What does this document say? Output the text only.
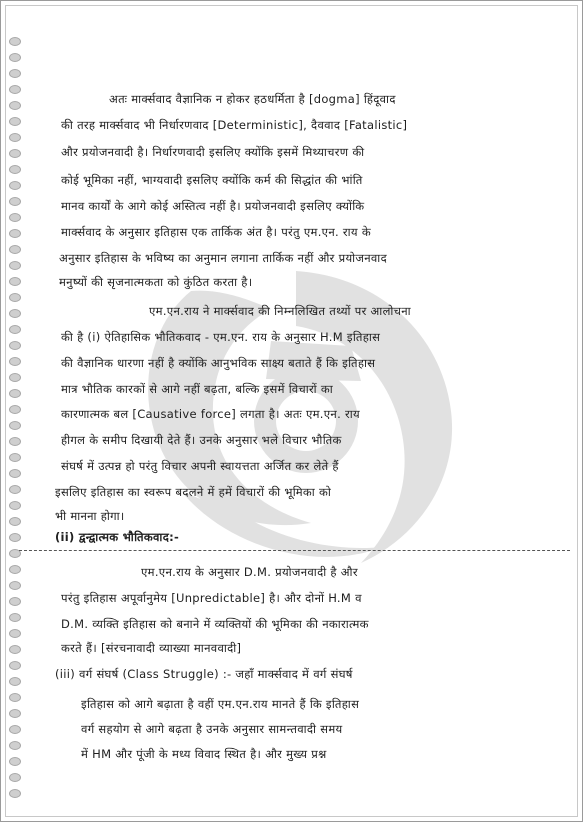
अतः मार्क्सवाद वैज्ञानिक न होकर हठधर्मिता है [dogma] हिंदूवाद
की तरह मार्क्सवाद भी निर्धारणवाद [Deterministic], दैववाद [Fatalistic]
और प्रयोजनवादी है। निर्धारणवादी इसलिए क्योंकि इसमें मिथ्याचरण की
कोई भूमिका नहीं, भाग्यवादी इसलिए क्योंकि कर्म की सिद्धांत की भांति
मानव कार्यों के आगे कोई अस्तित्व नहीं है। प्रयोजनवादी इसलिए क्योंकि
मार्क्सवाद के अनुसार इतिहास एक तार्किक अंत है। परंतु एम.एन. राय के
अनुसार इतिहास के भविष्य का अनुमान लगाना तार्किक नहीं और प्रयोजनवाद
मनुष्यों की सृजनात्मकता को कुंठित करता है।
एम.एन.राय ने मार्क्सवाद की निम्नलिखित तथ्यों पर आलोचना
की है (i) ऐतिहासिक भौतिकवाद - एम.एन. राय के अनुसार H.M इतिहास
की वैज्ञानिक धारणा नहीं है क्योंकि आनुभविक साक्ष्य बताते हैं कि इतिहास
मात्र भौतिक कारकों से आगे नहीं बढ़ता, बल्कि इसमें विचारों का
कारणात्मक बल [Causative force] लगता है। अतः एम.एन. राय
हीगल के समीप दिखायी देते हैं। उनके अनुसार भले विचार भौतिक
संघर्ष में उत्पन्न हो परंतु विचार अपनी स्वायत्तता अर्जित कर लेते हैं
इसलिए इतिहास का स्वरूप बदलने में हमें विचारों की भूमिका को
भी मानना होगा।
(ii) द्वन्द्वात्मक भौतिकवाद:-
एम.एन.राय के अनुसार D.M. प्रयोजनवादी है और
परंतु इतिहास अपूर्वानुमेय [Unpredictable] है। और दोनों H.M व
D.M. व्यक्ति इतिहास को बनाने में व्यक्तियों की भूमिका की नकारात्मक
करते हैं। [संरचनावादी व्याख्या मानववादी]
(iii) वर्ग संघर्ष (Class Struggle) :- जहाँ मार्क्सवाद में वर्ग संघर्ष
इतिहास को आगे बढ़ाता है वहीं एम.एन.राय मानते हैं कि इतिहास
वर्ग सहयोग से आगे बढ़ता है उनके अनुसार सामन्तवादी समय
में HM और पूंजी के मध्य विवाद स्थित है। और मुख्य प्रश्न
